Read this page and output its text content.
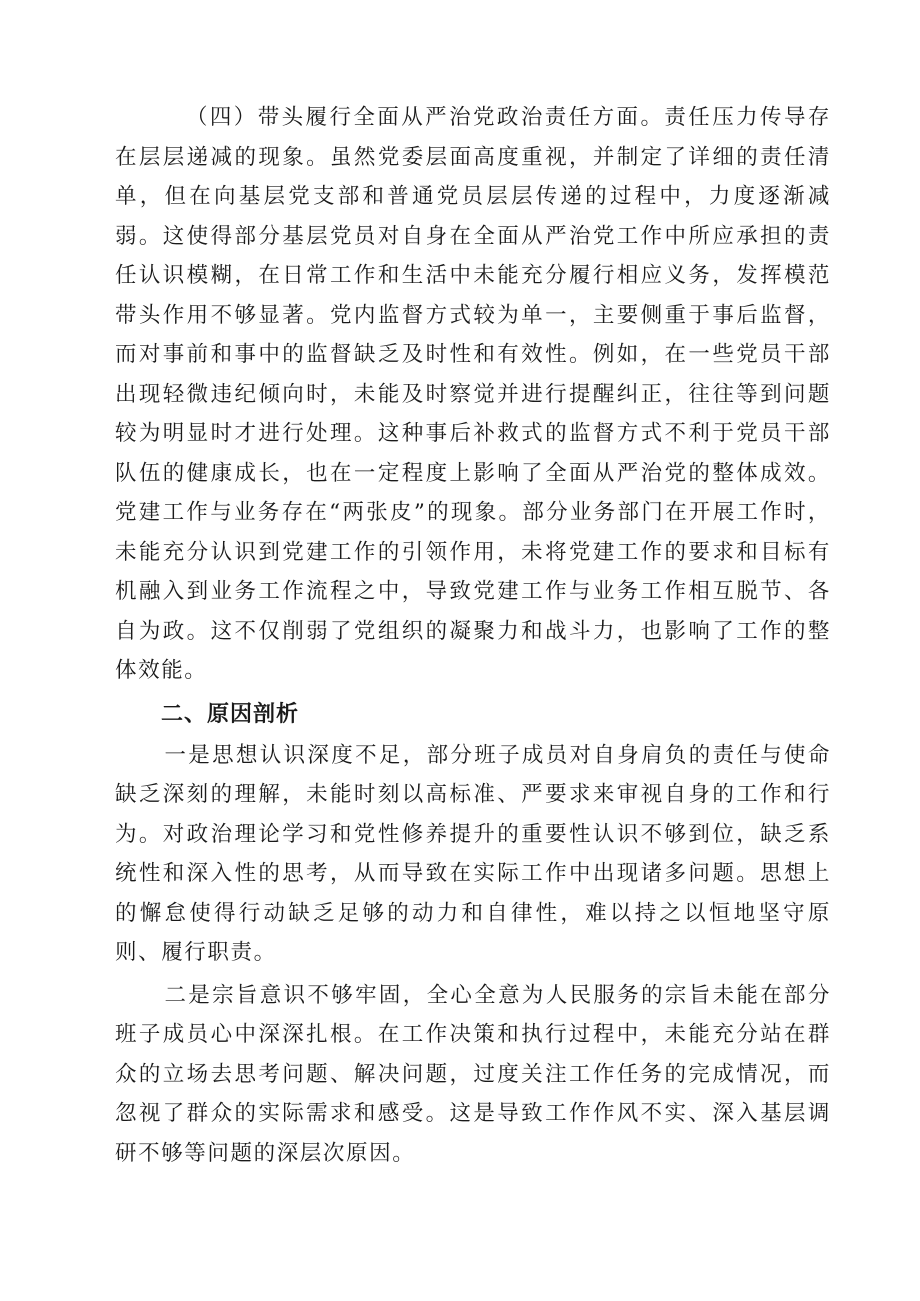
（四）带头履行全面从严治党政治责任方面。责任压力传导存在层层递减的现象。虽然党委层面高度重视，并制定了详细的责任清单，但在向基层党支部和普通党员层层传递的过程中，力度逐渐减弱。这使得部分基层党员对自身在全面从严治党工作中所应承担的责任认识模糊，在日常工作和生活中未能充分履行相应义务，发挥模范带头作用不够显著。党内监督方式较为单一，主要侧重于事后监督，而对事前和事中的监督缺乏及时性和有效性。例如，在一些党员干部出现轻微违纪倾向时，未能及时察觉并进行提醒纠正，往往等到问题较为明显时才进行处理。这种事后补救式的监督方式不利于党员干部队伍的健康成长，也在一定程度上影响了全面从严治党的整体成效。党建工作与业务存在“两张皮”的现象。部分业务部门在开展工作时，未能充分认识到党建工作的引领作用，未将党建工作的要求和目标有机融入到业务工作流程之中，导致党建工作与业务工作相互脱节、各自为政。这不仅削弱了党组织的凝聚力和战斗力，也影响了工作的整体效能。

二、原因剖析

一是思想认识深度不足，部分班子成员对自身肩负的责任与使命缺乏深刻的理解，未能时刻以高标准、严要求来审视自身的工作和行为。对政治理论学习和党性修养提升的重要性认识不够到位，缺乏系统性和深入性的思考，从而导致在实际工作中出现诸多问题。思想上的懈怠使得行动缺乏足够的动力和自律性，难以持之以恒地坚守原则、履行职责。

二是宗旨意识不够牢固，全心全意为人民服务的宗旨未能在部分班子成员心中深深扎根。在工作决策和执行过程中，未能充分站在群众的立场去思考问题、解决问题，过度关注工作任务的完成情况，而忽视了群众的实际需求和感受。这是导致工作作风不实、深入基层调研不够等问题的深层次原因。
